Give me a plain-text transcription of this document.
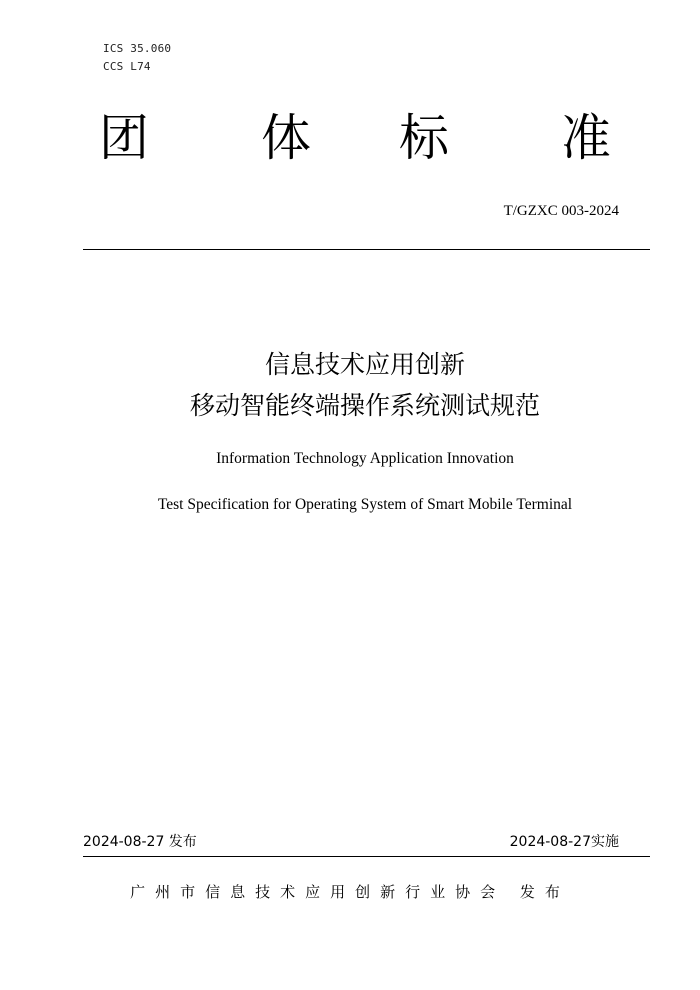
ICS 35.060
CCS L74
团 体 标 准
T/GZXC 003-2024
信息技术应用创新
移动智能终端操作系统测试规范
Information Technology Application Innovation
Test Specification for Operating System of Smart Mobile Terminal
2024-08-27 发布	2024-08-27实施
广州市信息技术应用创新行业协会 发布
